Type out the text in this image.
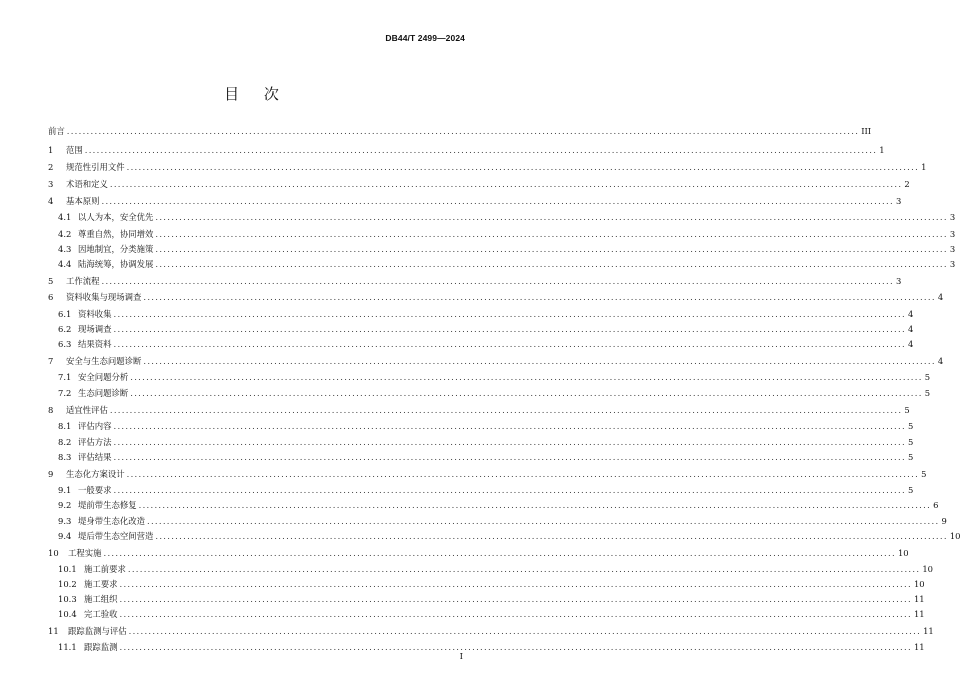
DB44/T 2499—2024
目 次
前言 ........................................................................................................................................................................................................ III
1	范围 ........................................................................................................................................................................................................ 1
2	规范性引用文件 ........................................................................................................................................................................................................ 1
3	术语和定义 ........................................................................................................................................................................................................ 2
4	基本原则 ........................................................................................................................................................................................................ 3
4.1 以人为本，安全优先 ........................................................................................................................................................................................................ 3
4.2 尊重自然，协同增效 ........................................................................................................................................................................................................ 3
4.3 因地制宜，分类施策 ........................................................................................................................................................................................................ 3
4.4 陆海统筹，协调发展 ........................................................................................................................................................................................................ 3
5	工作流程 ........................................................................................................................................................................................................ 3
6	资料收集与现场调查 ........................................................................................................................................................................................................ 4
6.1 资料收集 ........................................................................................................................................................................................................ 4
6.2 现场调查 ........................................................................................................................................................................................................ 4
6.3 结果资料 ........................................................................................................................................................................................................ 4
7	安全与生态问题诊断 ........................................................................................................................................................................................................ 4
7.1 安全问题分析 ........................................................................................................................................................................................................ 5
7.2 生态问题诊断 ........................................................................................................................................................................................................ 5
8	适宜性评估 ........................................................................................................................................................................................................ 5
8.1 评估内容 ........................................................................................................................................................................................................ 5
8.2 评估方法 ........................................................................................................................................................................................................ 5
8.3 评估结果 ........................................................................................................................................................................................................ 5
9	生态化方案设计 ........................................................................................................................................................................................................ 5
9.1 一般要求 ........................................................................................................................................................................................................ 5
9.2 堤前带生态修复 ........................................................................................................................................................................................................ 6
9.3 堤身带生态化改造 ........................................................................................................................................................................................................ 9
9.4 堤后带生态空间营造 ........................................................................................................................................................................................................ 10
10	工程实施 ........................................................................................................................................................................................................ 10
10.1 施工前要求 ........................................................................................................................................................................................................ 10
10.2 施工要求 ........................................................................................................................................................................................................ 10
10.3 施工组织 ........................................................................................................................................................................................................ 11
10.4 完工验收 ........................................................................................................................................................................................................ 11
11	跟踪监测与评估 ........................................................................................................................................................................................................ 11
11.1 跟踪监测 ........................................................................................................................................................................................................ 11
I
